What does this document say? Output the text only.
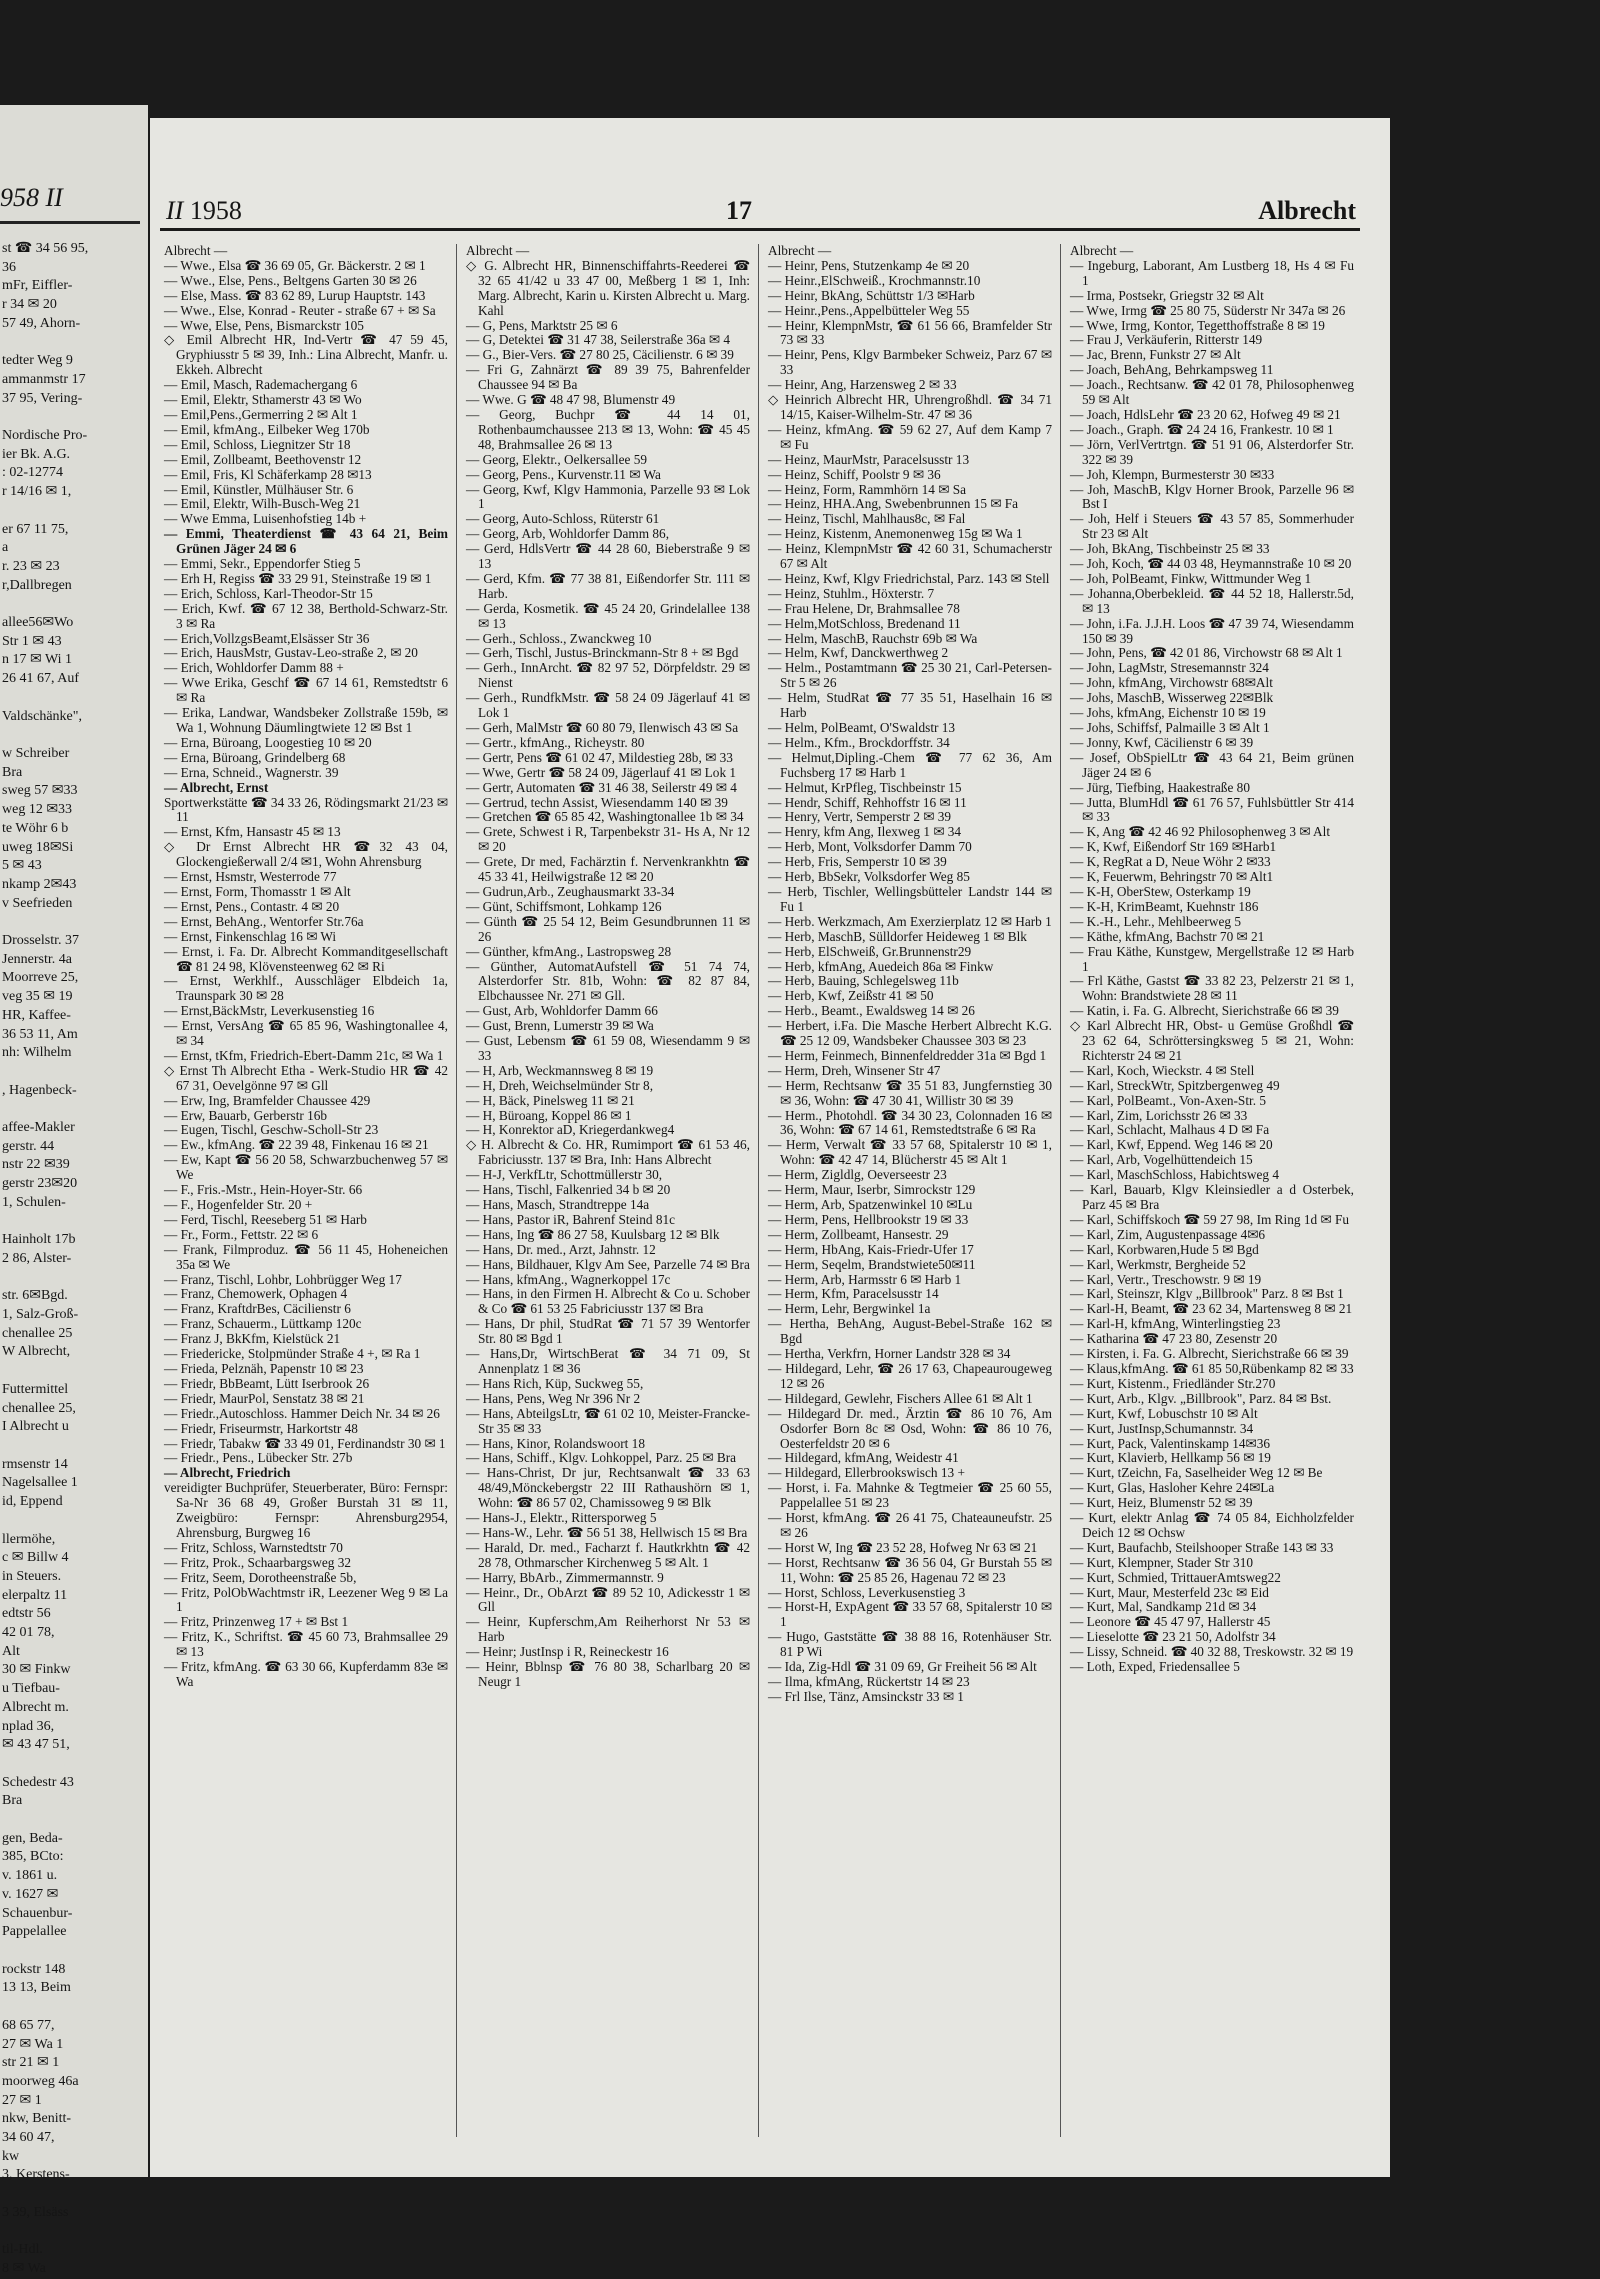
958 II
st ☎ 34 56 95,
36
mFr, Eiffler-
r 34 ✉ 20
57 49, Ahorn-

tedter Weg 9
ammanmstr 17
37 95, Vering-

Nordische Pro-
ier Bk. A.G.
: 02-12774
r 14/16 ✉ 1,

er 67 11 75,
a
r. 23 ✉ 23
r,Dallbregen

allee56✉Wo
Str 1 ✉ 43
n 17 ✉ Wi 1
26 41 67, Auf

Valdschänke",

w Schreiber
Bra
sweg 57 ✉33
weg 12 ✉33
te Wöhr 6 b
uweg 18✉Si
5 ✉ 43
nkamp 2✉43
v Seefrieden

Drosselstr. 37
Jennerstr. 4a
Moorreve 25,
veg 35 ✉ 19
HR, Kaffee-
36 53 11, Am
nh: Wilhelm

, Hagenbeck-

affee-Makler
gerstr. 44
nstr 22 ✉39
gerstr 23✉20
1, Schulen-

Hainholt 17b
2 86, Alster-

str. 6✉Bgd.
1, Salz-Groß-
chenallee 25
W Albrecht,

Futtermittel
chenallee 25,
I Albrecht u

rmsenstr 14
Nagelsallee 1
id, Eppend

llermöhe,
c ✉ Billw 4
in Steuers.
elerpaltz 11
edtstr 56
42 01 78,
Alt
30 ✉ Finkw
u Tiefbau-
Albrecht m.
nplad 36,
✉ 43 47 51,

Schedestr 43
Bra

gen, Beda-
385, BCto:
v. 1861 u.
v. 1627 ✉
Schauenbur-
Pappelallee

rockstr 148
13 13, Beim

68 65 77,
27 ✉ Wa 1
str 21 ✉ 1
moorweg 46a
27 ✉ 1
nkw, Benitt-
34 60 47,
kw
3, Kerstens-

3 39, Elsäss

til-Hdl.
8 ✉ Wa
II 1958	17	Albrecht

Albrecht —

— Wwe., Elsa ☎ 36 69 05, Gr. Bäckerstr. 2 ✉ 1

— Wwe., Else, Pens., Beltgens Garten 30 ✉ 26

— Else, Mass. ☎ 83 62 89, Lurup Hauptstr. 143

— Wwe., Else, Konrad - Reuter - straße 67 + ✉ Sa

— Wwe, Else, Pens, Bismarckstr 105

◇ Emil Albrecht HR, Ind-Vertr ☎ 47 59 45, Gryphiusstr 5 ✉ 39, Inh.: Lina Albrecht, Manfr. u. Ekkeh. Albrecht

— Emil, Masch, Rademachergang 6

— Emil, Elektr, Sthamerstr 43 ✉ Wo

— Emil,Pens.,Germerring 2 ✉ Alt 1

— Emil, kfmAng., Eilbeker Weg 170b

— Emil, Schloss, Liegnitzer Str 18

— Emil, Zollbeamt, Beethovenstr 12

— Emil, Fris, Kl Schäferkamp 28 ✉13

— Emil, Künstler, Mülhäuser Str. 6

— Emil, Elektr, Wilh-Busch-Weg 21

— Wwe Emma, Luisenhofstieg 14b +

— Emmi, Theaterdienst ☎ 43 64 21, Beim Grünen Jäger 24 ✉ 6

— Emmi, Sekr., Eppendorfer Stieg 5

— Erh H, Regiss ☎ 33 29 91, Steinstraße 19 ✉ 1

— Erich, Schloss, Karl-Theodor-Str 15

— Erich, Kwf. ☎ 67 12 38, Berthold-Schwarz-Str. 3 ✉ Ra

— Erich,VollzgsBeamt,Elsässer Str 36

— Erich, HausMstr, Gustav-Leo-straße 2, ✉ 20

— Erich, Wohldorfer Damm 88 +

— Wwe Erika, Geschf ☎ 67 14 61, Remstedtstr 6 ✉ Ra

— Erika, Landwar, Wandsbeker Zollstraße 159b, ✉ Wa 1, Wohnung Däumlingtwiete 12 ✉ Bst 1

— Erna, Büroang, Loogestieg 10 ✉ 20

— Erna, Büroang, Grindelberg 68

— Erna, Schneid., Wagnerstr. 39

— Albrecht, Ernst

Sportwerkstätte ☎ 34 33 26, Rödingsmarkt 21/23 ✉ 11

— Ernst, Kfm, Hansastr 45 ✉ 13

◇ Dr Ernst Albrecht HR ☎32 43 04, Glockengießerwall 2/4 ✉1, Wohn Ahrensburg

— Ernst, Hsmstr, Westerrode 77

— Ernst, Form, Thomasstr 1 ✉ Alt

— Ernst, Pens., Contastr. 4 ✉ 20

— Ernst, BehAng., Wentorfer Str.76a

— Ernst, Finkenschlag 16 ✉ Wi

— Ernst, i. Fa. Dr. Albrecht Kommanditgesellschaft ☎ 81 24 98, Klövensteenweg 62 ✉ Ri

— Ernst, Werkhlf., Ausschläger Elbdeich 1a, Traunspark 30 ✉ 28

— Ernst,BäckMstr, Leverkusenstieg 16

— Ernst, VersAng ☎ 65 85 96, Washingtonallee 4, ✉ 34

— Ernst, tKfm, Friedrich-Ebert-Damm 21c, ✉ Wa 1

◇ Ernst Th Albrecht Etha - Werk-Studio HR ☎ 42 67 31, Oevelgönne 97 ✉ Gll

— Erw, Ing, Bramfelder Chaussee 429

— Erw, Bauarb, Gerberstr 16b

— Eugen, Tischl, Geschw-Scholl-Str 23

— Ew., kfmAng. ☎ 22 39 48, Finkenau 16 ✉ 21

— Ew, Kapt ☎ 56 20 58, Schwarzbuchenweg 57 ✉ We

— F., Fris.-Mstr., Hein-Hoyer-Str. 66

— F., Hogenfelder Str. 20 +

— Ferd, Tischl, Reeseberg 51 ✉ Harb

— Fr., Form., Fettstr. 22 ✉ 6

— Frank, Filmproduz. ☎ 56 11 45, Hoheneichen 35a ✉ We

— Franz, Tischl, Lohbr, Lohbrügger Weg 17

— Franz, Chemowerk, Ophagen 4

— Franz, KraftdrBes, Cäcilienstr 6

— Franz, Schauerm., Lüttkamp 120c

— Franz J, BkKfm, Kielstück 21

— Friedericke, Stolpmünder Straße 4 +, ✉ Ra 1

— Frieda, Pelznäh, Papenstr 10 ✉ 23

— Friedr, BbBeamt, Lütt Iserbrook 26

— Friedr, MaurPol, Senstatz 38 ✉ 21

— Friedr.,Autoschloss. Hammer Deich Nr. 34 ✉ 26

— Friedr, Friseurmstr, Harkortstr 48

— Friedr, Tabakw ☎ 33 49 01, Ferdinandstr 30 ✉ 1

— Friedr., Pens., Lübecker Str. 27b

— Albrecht, Friedrich

vereidigter Buchprüfer, Steuerberater, Büro: Fernspr: Sa-Nr 36 68 49, Großer Burstah 31 ✉ 11, Zweigbüro: Fernspr: Ahrensburg2954, Ahrensburg, Burgweg 16

— Fritz, Schloss, Warnstedtstr 70

— Fritz, Prok., Schaarbargsweg 32

— Fritz, Seem, Dorotheenstraße 5b,

— Fritz, PolObWachtmstr iR, Leezener Weg 9 ✉ La 1

— Fritz, Prinzenweg 17 + ✉ Bst 1

— Fritz, K., Schriftst. ☎ 45 60 73, Brahmsallee 29 ✉ 13

— Fritz, kfmAng. ☎ 63 30 66, Kupferdamm 83e ✉ Wa

Albrecht —

◇ G. Albrecht HR, Binnenschiffahrts-Reederei ☎ 32 65 41/42 u 33 47 00, Meßberg 1 ✉ 1, Inh: Marg. Albrecht, Karin u. Kirsten Albrecht u. Marg. Kahl

— G, Pens, Marktstr 25 ✉ 6

— G, Detektei ☎ 31 47 38, Seilerstraße 36a ✉ 4

— G., Bier-Vers. ☎ 27 80 25, Cäcilienstr. 6 ✉ 39

— Fri G, Zahnärzt ☎ 89 39 75, Bahrenfelder Chaussee 94 ✉ Ba

— Wwe. G ☎ 48 47 98, Blumenstr 49

— Georg, Buchpr ☎ 44 14 01, Rothenbaumchaussee 213 ✉ 13, Wohn: ☎ 45 45 48, Brahmsallee 26 ✉ 13

— Georg, Elektr., Oelkersallee 59

— Georg, Pens., Kurvenstr.11 ✉ Wa

— Georg, Kwf, Klgv Hammonia, Parzelle 93 ✉ Lok 1

— Georg, Auto-Schloss, Rüterstr 61

— Georg, Arb, Wohldorfer Damm 86,

— Gerd, HdlsVertr ☎ 44 28 60, Bieberstraße 9 ✉ 13

— Gerd, Kfm. ☎ 77 38 81, Eißendorfer Str. 111 ✉ Harb.

— Gerda, Kosmetik. ☎ 45 24 20, Grindelallee 138 ✉ 13

— Gerh., Schloss., Zwanckweg 10

— Gerh, Tischl, Justus-Brinckmann-Str 8 + ✉ Bgd

— Gerh., InnArcht. ☎ 82 97 52, Dörpfeldstr. 29 ✉ Nienst

— Gerh., RundfkMstr. ☎ 58 24 09 Jägerlauf 41 ✉ Lok 1

— Gerh, MalMstr ☎ 60 80 79, Ilenwisch 43 ✉ Sa

— Gertr., kfmAng., Richeystr. 80

— Gertr, Pens ☎ 61 02 47, Mildestieg 28b, ✉ 33

— Wwe, Gertr ☎ 58 24 09, Jägerlauf 41 ✉ Lok 1

— Gertr, Automaten ☎ 31 46 38, Seilerstr 49 ✉ 4

— Gertrud, techn Assist, Wiesendamm 140 ✉ 39

— Gretchen ☎ 65 85 42, Washingtonallee 1b ✉ 34

— Grete, Schwest i R, Tarpenbekstr 31- Hs A, Nr 12 ✉ 20

— Grete, Dr med, Fachärztin f. Nervenkrankhtn ☎ 45 33 41, Heilwigstraße 12 ✉ 20

— Gudrun,Arb., Zeughausmarkt 33-34

— Günt, Schiffsmont, Lohkamp 126

— Günth ☎ 25 54 12, Beim Gesundbrunnen 11 ✉ 26

— Günther, kfmAng., Lastropsweg 28

— Günther, AutomatAufstell ☎ 51 74 74, Alsterdorfer Str. 81b, Wohn: ☎ 82 87 84, Elbchaussee Nr. 271 ✉ Gll.

— Gust, Arb, Wohldorfer Damm 66

— Gust, Brenn, Lumerstr 39 ✉ Wa

— Gust, Lebensm ☎ 61 59 08, Wiesendamm 9 ✉ 33

— H, Arb, Weckmannsweg 8 ✉ 19

— H, Dreh, Weichselmünder Str 8,

— H, Bäck, Pinelsweg 11 ✉ 21

— H, Büroang, Koppel 86 ✉ 1

— H, Konrektor aD, Kriegerdankweg4

◇ H. Albrecht & Co. HR, Rumimport ☎ 61 53 46, Fabriciusstr. 137 ✉ Bra, Inh: Hans Albrecht

— H-J, VerkfLtr, Schottmüllerstr 30,

— Hans, Tischl, Falkenried 34 b ✉ 20

— Hans, Masch, Strandtreppe 14a

— Hans, Pastor iR, Bahrenf Steind 81c

— Hans, Ing ☎ 86 27 58, Kuulsbarg 12 ✉ Blk

— Hans, Dr. med., Arzt, Jahnstr. 12

— Hans, Bildhauer, Klgv Am See, Parzelle 74 ✉ Bra

— Hans, kfmAng., Wagnerkoppel 17c

— Hans, in den Firmen H. Albrecht & Co u. Schober & Co ☎ 61 53 25 Fabriciusstr 137 ✉ Bra

— Hans, Dr phil, StudRat ☎ 71 57 39 Wentorfer Str. 80 ✉ Bgd 1

— Hans,Dr, WirtschBerat ☎ 34 71 09, St Annenplatz 1 ✉ 36

— Hans Rich, Küp, Suckweg 55,

— Hans, Pens, Weg Nr 396 Nr 2

— Hans, AbteilgsLtr, ☎ 61 02 10, Meister-Francke-Str 35 ✉ 33

— Hans, Kinor, Rolandswoort 18

— Hans, Schiff., Klgv. Lohkoppel, Parz. 25 ✉ Bra

— Hans-Christ, Dr jur, Rechtsanwalt ☎ 33 63 48/49,Mönckebergstr 22 III Rathaushörn ✉ 1, Wohn: ☎ 86 57 02, Chamissoweg 9 ✉ Blk

— Hans-J., Elektr., Rittersporweg 5

— Hans-W., Lehr. ☎ 56 51 38, Hellwisch 15 ✉ Bra

— Harald, Dr. med., Facharzt f. Hautkrkhtn ☎ 42 28 78, Othmarscher Kirchenweg 5 ✉ Alt. 1

— Harry, BbArb., Zimmermannstr. 9

— Heinr., Dr., ObArzt ☎ 89 52 10, Adickesstr 1 ✉ Gll

— Heinr, Kupferschm,Am Reiherhorst Nr 53 ✉ Harb

— Heinr; JustInsp i R, Reineckestr 16

— Heinr, Bblnsp ☎ 76 80 38, Scharlbarg 20 ✉ Neugr 1

Albrecht —

— Heinr, Pens, Stutzenkamp 4e ✉ 20

— Heinr.,ElSchweiß., Krochmannstr.10

— Heinr, BkAng, Schüttstr 1/3 ✉Harb

— Heinr.,Pens.,Appelbütteler Weg 55

— Heinr, KlempnMstr, ☎ 61 56 66, Bramfelder Str 73 ✉ 33

— Heinr, Pens, Klgv Barmbeker Schweiz, Parz 67 ✉ 33

— Heinr, Ang, Harzensweg 2 ✉ 33

◇ Heinrich Albrecht HR, Uhrengroßhdl. ☎ 34 71 14/15, Kaiser-Wilhelm-Str. 47 ✉ 36

— Heinz, kfmAng. ☎ 59 62 27, Auf dem Kamp 7 ✉ Fu

— Heinz, MaurMstr, Paracelsusstr 13

— Heinz, Schiff, Poolstr 9 ✉ 36

— Heinz, Form, Rammhörn 14 ✉ Sa

— Heinz, HHA.Ang, Swebenbrunnen 15 ✉ Fa

— Heinz, Tischl, Mahlhaus8c, ✉ Fal

— Heinz, Kistenm, Anemonenweg 15g ✉ Wa 1

— Heinz, KlempnMstr ☎ 42 60 31, Schumacherstr 67 ✉ Alt

— Heinz, Kwf, Klgv Friedrichstal, Parz. 143 ✉ Stell

— Heinz, Stuhlm., Höxterstr. 7

— Frau Helene, Dr, Brahmsallee 78

— Helm,MotSchloss, Bredenand 11

— Helm, MaschB, Rauchstr 69b ✉ Wa

— Helm, Kwf, Danckwerthweg 2

— Helm., Postamtmann ☎ 25 30 21, Carl-Petersen-Str 5 ✉ 26

— Helm, StudRat ☎ 77 35 51, Haselhain 16 ✉ Harb

— Helm, PolBeamt, O'Swaldstr 13

— Helm., Kfm., Brockdorffstr. 34

— Helmut,Dipling.-Chem ☎ 77 62 36, Am Fuchsberg 17 ✉ Harb 1

— Helmut, KrPfleg, Tischbeinstr 15

— Hendr, Schiff, Rehhoffstr 16 ✉ 11

— Henry, Vertr, Semperstr 2 ✉ 39

— Henry, kfm Ang, Ilexweg 1 ✉ 34

— Herb, Mont, Volksdorfer Damm 70

— Herb, Fris, Semperstr 10 ✉ 39

— Herb, BbSekr, Volksdorfer Weg 85

— Herb, Tischler, Wellingsbütteler Landstr 144 ✉ Fu 1

— Herb. Werkzmach, Am Exerzierplatz 12 ✉ Harb 1

— Herb, MaschB, Sülldorfer Heideweg 1 ✉ Blk

— Herb, ElSchweiß, Gr.Brunnenstr29

— Herb, kfmAng, Auedeich 86a ✉ Finkw

— Herb, Bauing, Schlegelsweg 11b

— Herb, Kwf, Zeißstr 41 ✉ 50

— Herb., Beamt., Ewaldsweg 14 ✉ 26

— Herbert, i.Fa. Die Masche Herbert Albrecht K.G. ☎ 25 12 09, Wandsbeker Chaussee 303 ✉ 23

— Herm, Feinmech, Binnenfeldredder 31a ✉ Bgd 1

— Herm, Dreh, Winsener Str 47

— Herm, Rechtsanw ☎ 35 51 83, Jungfernstieg 30 ✉ 36, Wohn: ☎ 47 30 41, Willistr 30 ✉ 39

— Herm., Photohdl. ☎ 34 30 23, Colonnaden 16 ✉ 36, Wohn: ☎ 67 14 61, Remstedtstraße 6 ✉ Ra

— Herm, Verwalt ☎ 33 57 68, Spitalerstr 10 ✉ 1, Wohn: ☎ 42 47 14, Blücherstr 45 ✉ Alt 1

— Herm, Zigldlg, Oeverseestr 23

— Herm, Maur, Iserbr, Simrockstr 129

— Herm, Arb, Spatzenwinkel 10 ✉Lu

— Herm, Pens, Hellbrookstr 19 ✉ 33

— Herm, Zollbeamt, Hansestr. 29

— Herm, HbAng, Kais-Friedr-Ufer 17

— Herm, Seqelm, Brandstwiete50✉11

— Herm, Arb, Harmsstr 6 ✉ Harb 1

— Herm, Kfm, Paracelsusstr 14

— Herm, Lehr, Bergwinkel 1a

— Hertha, BehAng, August-Bebel-Straße 162 ✉ Bgd

— Hertha, Verkfrn, Horner Landstr 328 ✉ 34

— Hildegard, Lehr, ☎ 26 17 63, Chapeaurougeweg 12 ✉ 26

— Hildegard, Gewlehr, Fischers Allee 61 ✉ Alt 1

— Hildegard Dr. med., Ärztin ☎ 86 10 76, Am Osdorfer Born 8c ✉ Osd, Wohn: ☎ 86 10 76, Oesterfeldstr 20 ✉ 6

— Hildegard, kfmAng, Weidestr 41

— Hildegard, Ellerbrookswisch 13 +

— Horst, i. Fa. Mahnke & Tegtmeier ☎ 25 60 55, Pappelallee 51 ✉ 23

— Horst, kfmAng. ☎ 26 41 75, Chateauneufstr. 25 ✉ 26

— Horst W, Ing ☎ 23 52 28, Hofweg Nr 63 ✉ 21

— Horst, Rechtsanw ☎ 36 56 04, Gr Burstah 55 ✉ 11, Wohn: ☎ 25 85 26, Hagenau 72 ✉ 23

— Horst, Schloss, Leverkusenstieg 3

— Horst-H, ExpAgent ☎ 33 57 68, Spitalerstr 10 ✉ 1

— Hugo, Gaststätte ☎ 38 88 16, Rotenhäuser Str. 81 P Wi

— Ida, Zig-Hdl ☎ 31 09 69, Gr Freiheit 56 ✉ Alt

— Ilma, kfmAng, Rückertstr 14 ✉ 23

— Frl Ilse, Tänz, Amsinckstr 33 ✉ 1

Albrecht —

— Ingeburg, Laborant, Am Lustberg 18, Hs 4 ✉ Fu 1

— Irma, Postsekr, Griegstr 32 ✉ Alt

— Wwe, Irmg ☎ 25 80 75, Süderstr Nr 347a ✉ 26

— Wwe, Irmg, Kontor, Tegetthoffstraße 8 ✉ 19

— Frau J, Verkäuferin, Ritterstr 149

— Jac, Brenn, Funkstr 27 ✉ Alt

— Joach, BehAng, Behrkampsweg 11

— Joach., Rechtsanw. ☎ 42 01 78, Philosophenweg 59 ✉ Alt

— Joach, HdlsLehr ☎ 23 20 62, Hofweg 49 ✉ 21

— Joach., Graph. ☎ 24 24 16, Frankestr. 10 ✉ 1

— Jörn, VerlVertrtgn. ☎ 51 91 06, Alsterdorfer Str. 322 ✉ 39

— Joh, Klempn, Burmesterstr 30 ✉33

— Joh, MaschB, Klgv Horner Brook, Parzelle 96 ✉ Bst I

— Joh, Helf i Steuers ☎ 43 57 85, Sommerhuder Str 23 ✉ Alt

— Joh, BkAng, Tischbeinstr 25 ✉ 33

— Joh, Koch, ☎ 44 03 48, Heymannstraße 10 ✉ 20

— Joh, PolBeamt, Finkw, Wittmunder Weg 1

— Johanna,Oberbekleid. ☎ 44 52 18, Hallerstr.5d, ✉ 13

— John, i.Fa. J.J.H. Loos ☎ 47 39 74, Wiesendamm 150 ✉ 39

— John, Pens, ☎ 42 01 86, Virchowstr 68 ✉ Alt 1

— John, LagMstr, Stresemannstr 324

— John, kfmAng, Virchowstr 68✉Alt

— Johs, MaschB, Wisserweg 22✉Blk

— Johs, kfmAng, Eichenstr 10 ✉ 19

— Johs, Schiffsf, Palmaille 3 ✉ Alt 1

— Jonny, Kwf, Cäcilienstr 6 ✉ 39

— Josef, ObSpielLtr ☎ 43 64 21, Beim grünen Jäger 24 ✉ 6

— Jürg, Tiefbing, Haakestraße 80

— Jutta, BlumHdl ☎ 61 76 57, Fuhlsbüttler Str 414 ✉ 33

— K, Ang ☎ 42 46 92 Philosophenweg 3 ✉ Alt

— K, Kwf, Eißendorf Str 169 ✉Harb1

— K, RegRat a D, Neue Wöhr 2 ✉33

— K, Feuerwm, Behringstr 70 ✉ Alt1

— K-H, OberStew, Osterkamp 19

— K-H, KrimBeamt, Kuehnstr 186

— K.-H., Lehr., Mehlbeerweg 5

— Käthe, kfmAng, Bachstr 70 ✉ 21

— Frau Käthe, Kunstgew, Mergellstraße 12 ✉ Harb 1

— Frl Käthe, Gastst ☎ 33 82 23, Pelzerstr 21 ✉ 1, Wohn: Brandstwiete 28 ✉ 11

— Katin, i. Fa. G. Albrecht, Sierichstraße 66 ✉ 39

◇ Karl Albrecht HR, Obst- u Gemüse Großhdl ☎ 23 62 64, Schröttersingksweg 5 ✉ 21, Wohn: Richterstr 24 ✉ 21

— Karl, Koch, Wieckstr. 4 ✉ Stell

— Karl, StreckWtr, Spitzbergenweg 49

— Karl, PolBeamt., Von-Axen-Str. 5

— Karl, Zim, Lorichsstr 26 ✉ 33

— Karl, Schlacht, Malhaus 4 D ✉ Fa

— Karl, Kwf, Eppend. Weg 146 ✉ 20

— Karl, Arb, Vogelhüttendeich 15

— Karl, MaschSchloss, Habichtsweg 4

— Karl, Bauarb, Klgv Kleinsiedler a d Osterbek, Parz 45 ✉ Bra

— Karl, Schiffskoch ☎ 59 27 98, Im Ring 1d ✉ Fu

— Karl, Zim, Augustenpassage 4✉6

— Karl, Korbwaren,Hude 5 ✉ Bgd

— Karl, Werkmstr, Bergheide 52

— Karl, Vertr., Treschowstr. 9 ✉ 19

— Karl, Steinszr, Klgv „Billbrook" Parz. 8 ✉ Bst 1

— Karl-H, Beamt, ☎ 23 62 34, Martensweg 8 ✉ 21

— Karl-H, kfmAng, Winterlingstieg 23

— Katharina ☎ 47 23 80, Zesenstr 20

— Kirsten, i. Fa. G. Albrecht, Sierichstraße 66 ✉ 39

— Klaus,kfmAng. ☎ 61 85 50,Rübenkamp 82 ✉ 33

— Kurt, Kistenm., Friedländer Str.270

— Kurt, Arb., Klgv. „Billbrook", Parz. 84 ✉ Bst.

— Kurt, Kwf, Lobuschstr 10 ✉ Alt

— Kurt, JustInsp,Schumannstr. 34

— Kurt, Pack, Valentinskamp 14✉36

— Kurt, Klavierb, Hellkamp 56 ✉ 19

— Kurt, tZeichn, Fa, Saselheider Weg 12 ✉ Be

— Kurt, Glas, Hasloher Kehre 24✉La

— Kurt, Heiz, Blumenstr 52 ✉ 39

— Kurt, elektr Anlag ☎ 74 05 84, Eichholzfelder Deich 12 ✉ Ochsw

— Kurt, Baufachb, Steilshooper Straße 143 ✉ 33

— Kurt, Klempner, Stader Str 310

— Kurt, Schmied, TrittauerAmtsweg22

— Kurt, Maur, Mesterfeld 23c ✉ Eid

— Kurt, Mal, Sandkamp 21d ✉ 34

— Leonore ☎ 45 47 97, Hallerstr 45

— Lieselotte ☎ 23 21 50, Adolfstr 34

— Lissy, Schneid. ☎ 40 32 88, Treskowstr. 32 ✉ 19

— Loth, Exped, Friedensallee 5
